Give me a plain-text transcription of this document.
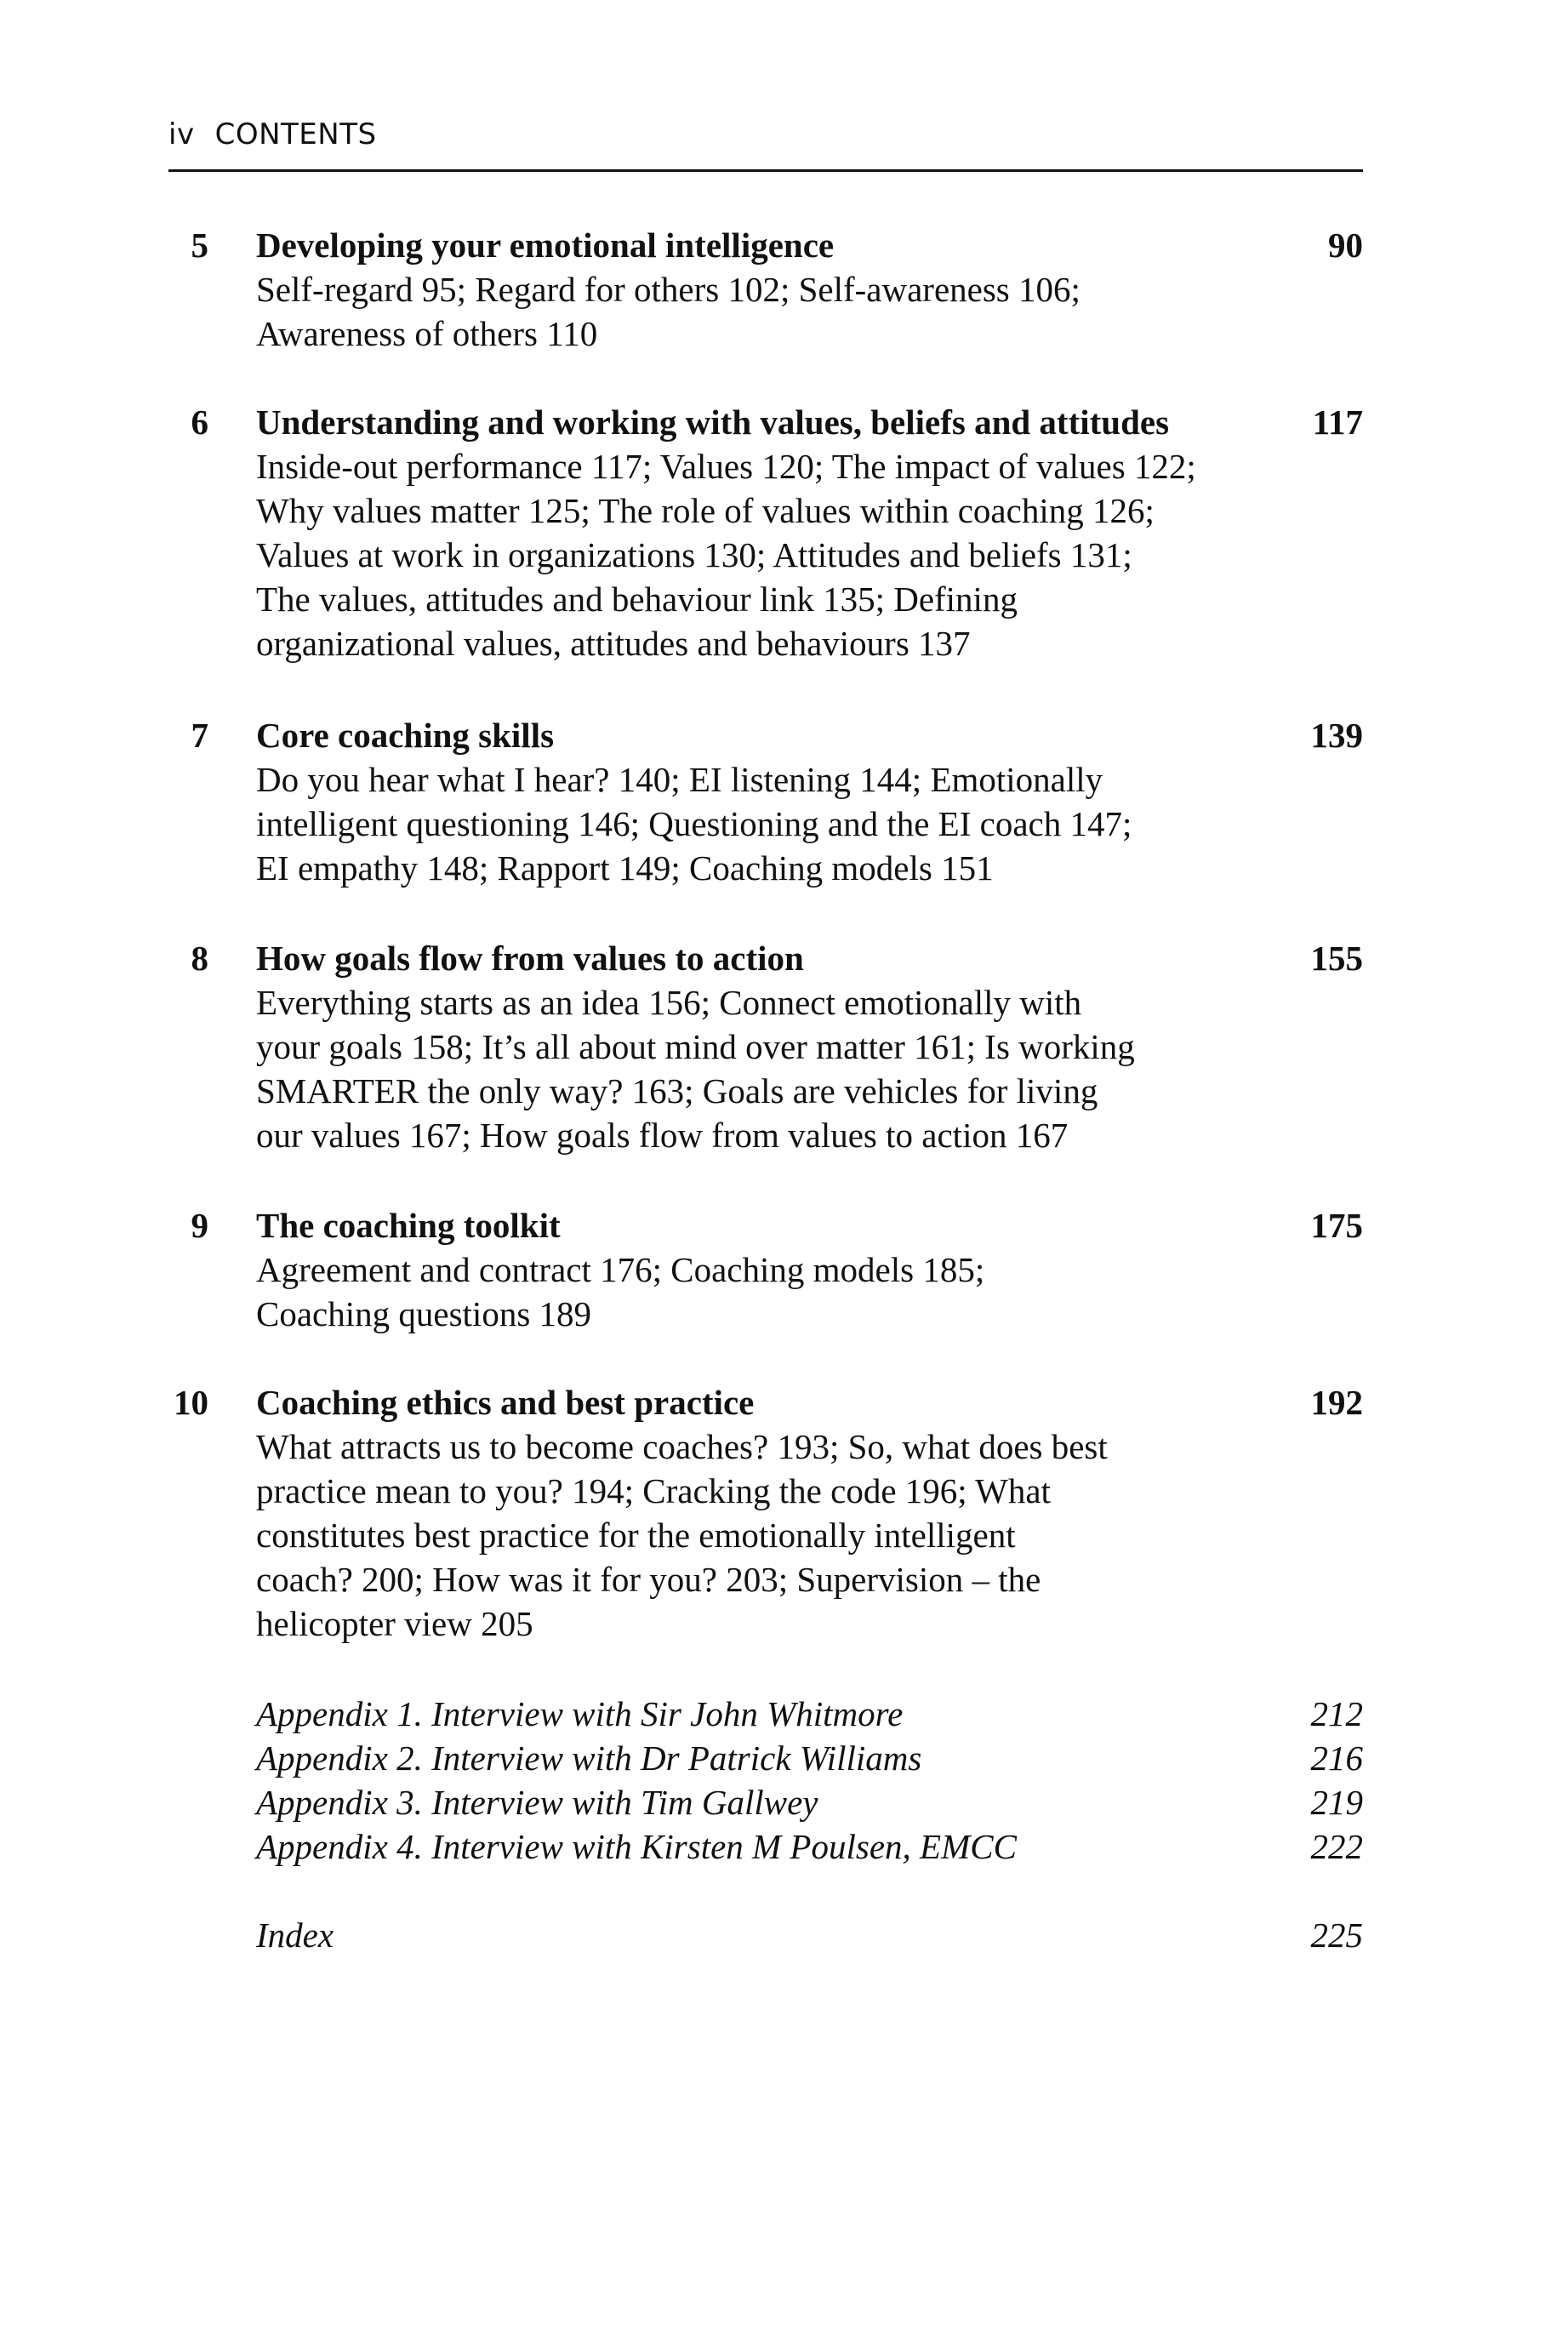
iv CONTENTS
5 Developing your emotional intelligence	90
Self-regard 95; Regard for others 102; Self-awareness 106;
Awareness of others 110
6 Understanding and working with values, beliefs and attitudes	117
Inside-out performance 117; Values 120; The impact of values 122;
Why values matter 125; The role of values within coaching 126;
Values at work in organizations 130; Attitudes and beliefs 131;
The values, attitudes and behaviour link 135; Defining
organizational values, attitudes and behaviours 137
7 Core coaching skills	139
Do you hear what I hear? 140; EI listening 144; Emotionally
intelligent questioning 146; Questioning and the EI coach 147;
EI empathy 148; Rapport 149; Coaching models 151
8 How goals flow from values to action	155
Everything starts as an idea 156; Connect emotionally with
your goals 158; It’s all about mind over matter 161; Is working
SMARTER the only way? 163; Goals are vehicles for living
our values 167; How goals flow from values to action 167
9 The coaching toolkit	175
Agreement and contract 176; Coaching models 185;
Coaching questions 189
10 Coaching ethics and best practice	192
What attracts us to become coaches? 193; So, what does best
practice mean to you? 194; Cracking the code 196; What
constitutes best practice for the emotionally intelligent
coach? 200; How was it for you? 203; Supervision – the
helicopter view 205
Appendix 1. Interview with Sir John Whitmore	212
Appendix 2. Interview with Dr Patrick Williams	216
Appendix 3. Interview with Tim Gallwey	219
Appendix 4. Interview with Kirsten M Poulsen, EMCC	222
Index	225
